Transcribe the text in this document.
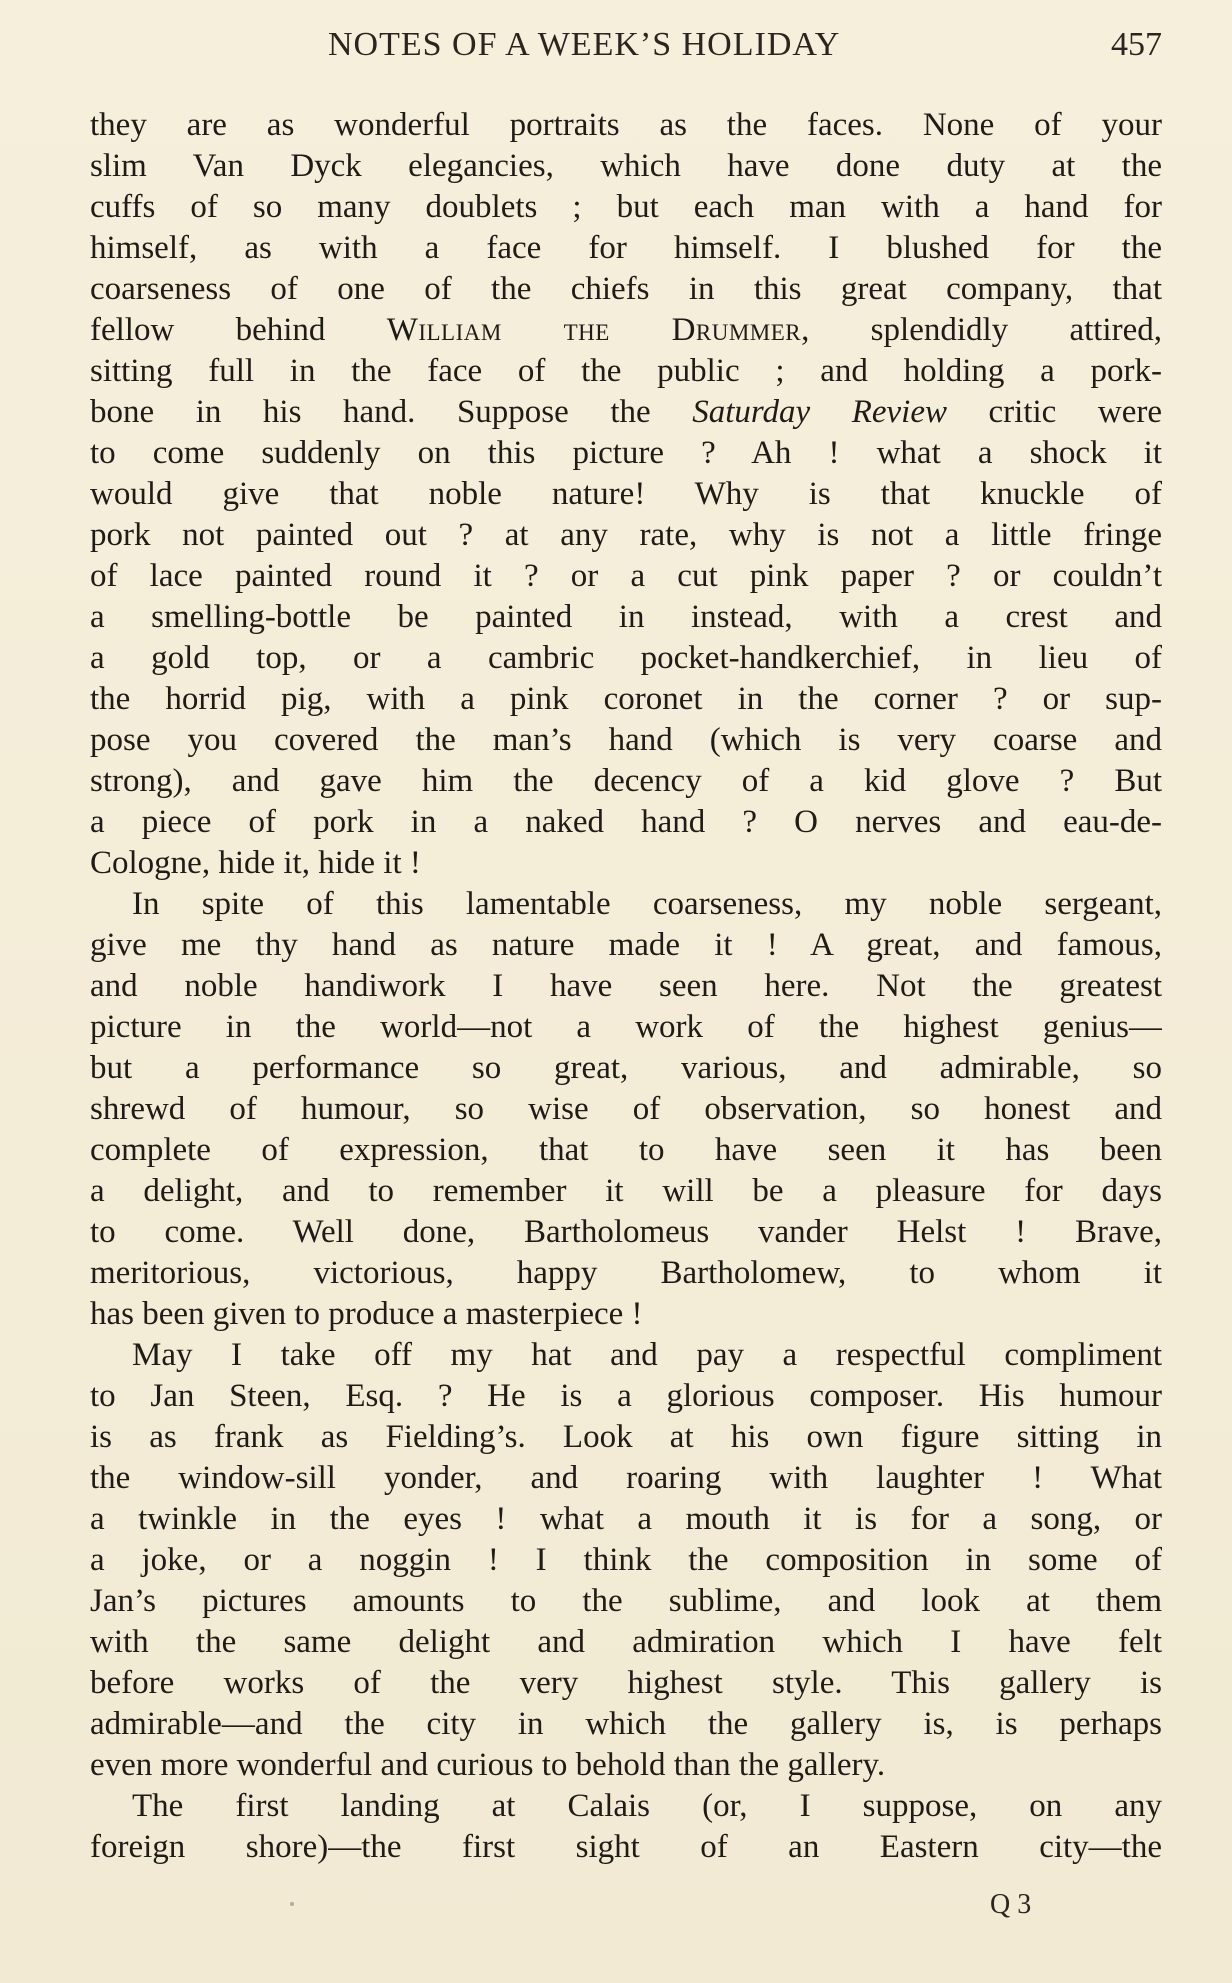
NOTES OF A WEEK’S HOLIDAY	457
they are as wonderful portraits as the faces. None of your
slim Van Dyck elegancies, which have done duty at the
cuffs of so many doublets ; but each man with a hand for
himself, as with a face for himself. I blushed for the
coarseness of one of the chiefs in this great company, that
fellow behind William the Drummer, splendidly attired,
sitting full in the face of the public ; and holding a pork-
bone in his hand. Suppose the Saturday Review critic were
to come suddenly on this picture ? Ah ! what a shock it
would give that noble nature! Why is that knuckle of
pork not painted out ? at any rate, why is not a little fringe
of lace painted round it ? or a cut pink paper ? or couldn’t
a smelling-bottle be painted in instead, with a crest and
a gold top, or a cambric pocket-handkerchief, in lieu of
the horrid pig, with a pink coronet in the corner ? or sup-
pose you covered the man’s hand (which is very coarse and
strong), and gave him the decency of a kid glove ? But
a piece of pork in a naked hand ? O nerves and eau-de-
Cologne, hide it, hide it !
In spite of this lamentable coarseness, my noble sergeant,
give me thy hand as nature made it ! A great, and famous,
and noble handiwork I have seen here. Not the greatest
picture in the world—not a work of the highest genius—
but a performance so great, various, and admirable, so
shrewd of humour, so wise of observation, so honest and
complete of expression, that to have seen it has been
a delight, and to remember it will be a pleasure for days
to come. Well done, Bartholomeus vander Helst ! Brave,
meritorious, victorious, happy Bartholomew, to whom it
has been given to produce a masterpiece !
May I take off my hat and pay a respectful compliment
to Jan Steen, Esq. ? He is a glorious composer. His humour
is as frank as Fielding’s. Look at his own figure sitting in
the window-sill yonder, and roaring with laughter ! What
a twinkle in the eyes ! what a mouth it is for a song, or
a joke, or a noggin ! I think the composition in some of
Jan’s pictures amounts to the sublime, and look at them
with the same delight and admiration which I have felt
before works of the very highest style. This gallery is
admirable—and the city in which the gallery is, is perhaps
even more wonderful and curious to behold than the gallery.
The first landing at Calais (or, I suppose, on any
foreign shore)—the first sight of an Eastern city—the
Q 3
